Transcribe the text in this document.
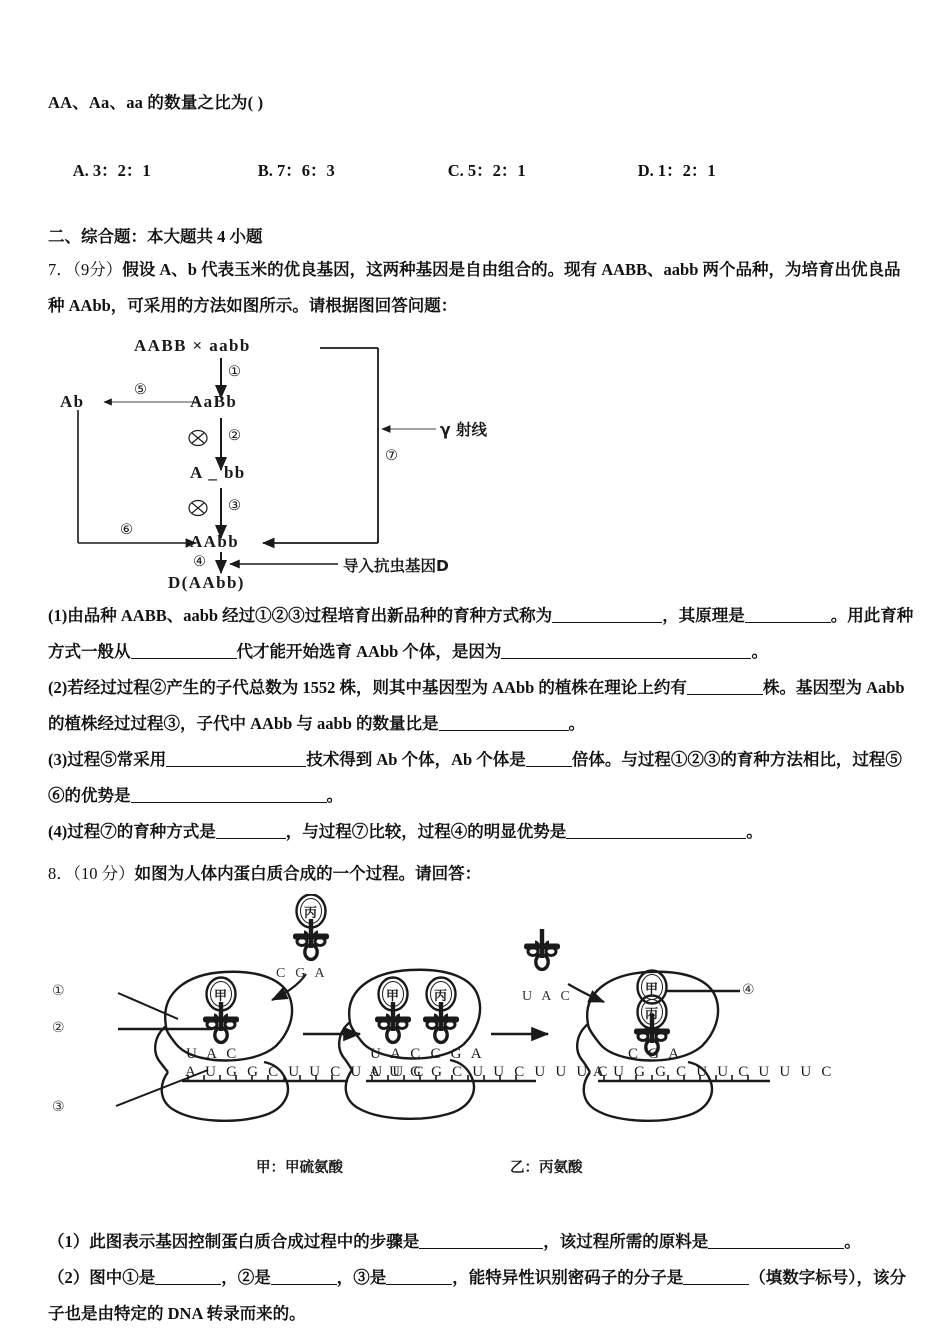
AA、Aa、aa 的数量之比为( )

A. 3：2：1	B. 7：6：3	C. 5：2：1	D. 1：2：1

二、综合题：本大题共 4 小题
7．（9分）假设 A、b 代表玉米的优良基因，这两种基因是自由组合的。现有 AABB、aabb 两个品种，为培育出优良品
种 AAbb，可采用的方法如图所示。请根据图回答问题：
AABB × aabb
AaBb
A _ bb
AAbb
D(AAbb)
Ab
①
②
③
④
⑤
⑥
⑦
γ 射线
导入抗虫基因D
(1)由品种 AABB、aabb 经过①②③过程培育出新品种的育种方式称为	，其原理是	。用此育种
方式一般从	代才能开始选育 AAbb 个体，是因为	。
(2)若经过过程②产生的子代总数为 1552 株，则其中基因型为 AAbb 的植株在理论上约有	株。基因型为 Aabb
的植株经过过程③，子代中 AAbb 与 aabb 的数量比是	。
(3)过程⑤常采用	技术得到 Ab 个体，Ab 个体是	倍体。与过程①②③的育种方法相比，过程⑤
⑥的优势是	。
(4)过程⑦的育种方式是	，与过程⑦比较，过程④的明显优势是	。
8．（10 分）如图为人体内蛋白质合成的一个过程。请回答：
甲
丙
甲	丙	甲
丙
C G A
U A C
U A C
A U G G C U U C U U U C
U A C C G A
A U G G C U U C U U U C
C G A
A U G G C U U C U U U C
①
②
③
④
甲：甲硫氨酸	乙：丙氨酸
（1）此图表示基因控制蛋白质合成过程中的步骤是	，该过程所需的原料是	。
（2）图中①是	，②是	，③是	，能特异性识别密码子的分子是	（填数字标号），该分
子也是由特定的 DNA 转录而来的。
